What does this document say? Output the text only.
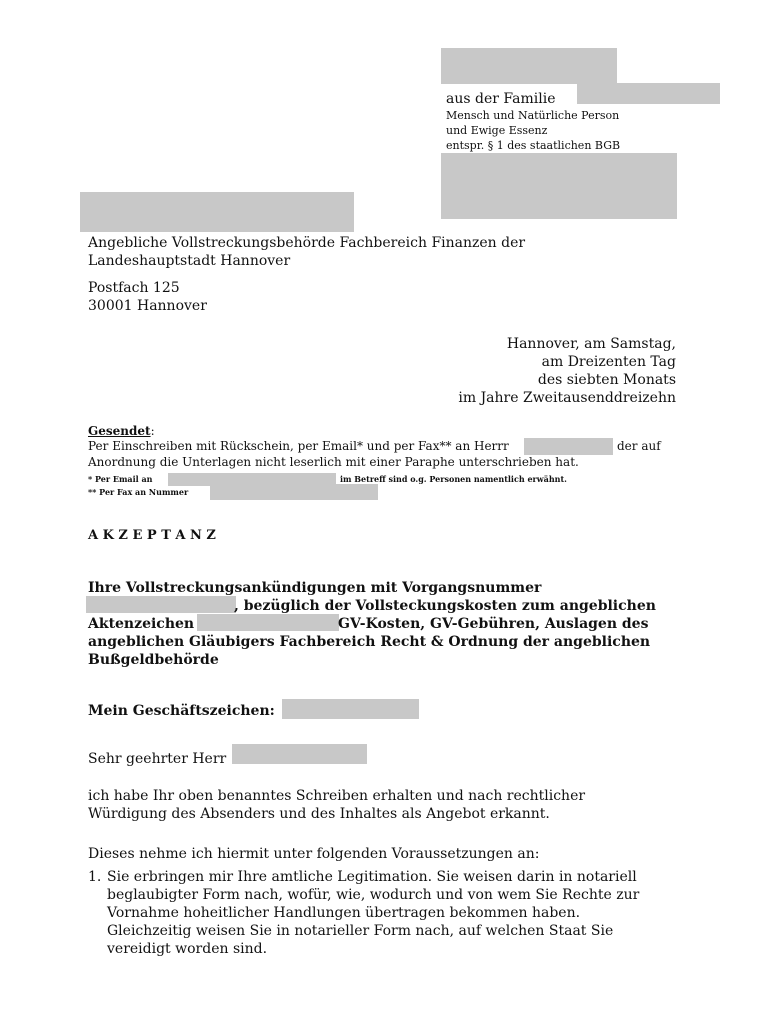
aus der Familie
Mensch und Natürliche Person
und Ewige Essenz
entspr. § 1 des staatlichen BGB
Angebliche Vollstreckungsbehörde Fachbereich Finanzen der
Landeshauptstadt Hannover
Postfach 125
30001 Hannover
Hannover, am Samstag,
am Dreizenten Tag
des siebten Monats
im Jahre Zweitausenddreizehn
Gesendet:
Per Einschreiben mit Rückschein, per Email* und per Fax** an Herrr	der auf
Anordnung die Unterlagen nicht leserlich mit einer Paraphe unterschrieben hat.
* Per Email an	im Betreff sind o.g. Personen namentlich erwähnt.
** Per Fax an Nummer
A K Z E P T A N Z
Ihre Vollstreckungsankündigungen mit Vorgangsnummer
, bezüglich der Vollsteckungskosten zum angeblichen
Aktenzeichen	GV-Kosten, GV-Gebühren, Auslagen des
angeblichen Gläubigers Fachbereich Recht & Ordnung der angeblichen
Bußgeldbehörde
Mein Geschäftszeichen:
Sehr geehrter Herr
ich habe Ihr oben benanntes Schreiben erhalten und nach rechtlicher
Würdigung des Absenders und des Inhaltes als Angebot erkannt.
Dieses nehme ich hiermit unter folgenden Voraussetzungen an:
1. Sie erbringen mir Ihre amtliche Legitimation. Sie weisen darin in notariell
beglaubigter Form nach, wofür, wie, wodurch und von wem Sie Rechte zur
Vornahme hoheitlicher Handlungen übertragen bekommen haben.
Gleichzeitig weisen Sie in notarieller Form nach, auf welchen Staat Sie
vereidigt worden sind.
